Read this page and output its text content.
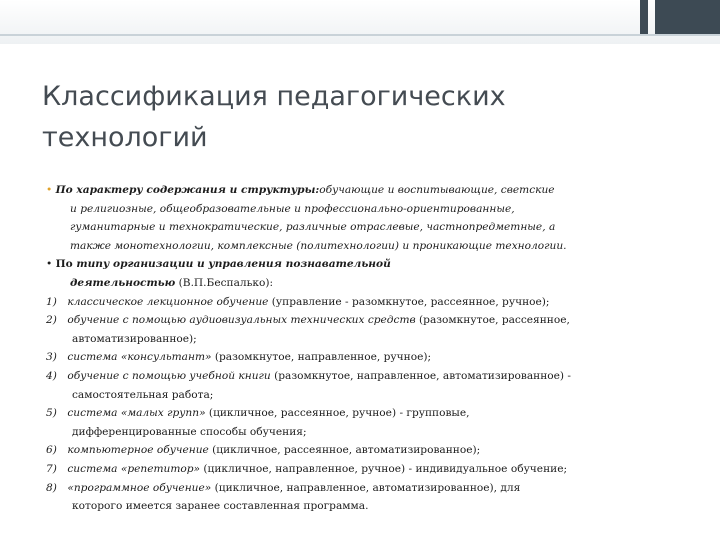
Классификация педагогических
технологий
• По характеру содержания и структуры:обучающие и воспитывающие, светские
и религиозные, общеобразовательные и профессионально-ориентированные,
гуманитарные и технократические, различные отраслевые, частнопредметные, а
также монотехнологии, комплексные (политехнологии) и проникающие технологии.
• По типу организации и управления познавательной
деятельностью (В.П.Беспалько):
1) классическое лекционное обучение (управление - разомкнутое, рассеянное, ручное);
2) обучение с помощью аудиовизуальных технических средств (разомкнутое, рассеянное,
автоматизированное);
3) система «консультант» (разомкнутое, направленное, ручное);
4) обучение с помощью учебной книги (разомкнутое, направленное, автоматизированное) -
самостоятельная работа;
5) система «малых групп» (цикличное, рассеянное, ручное) - групповые,
дифференцированные способы обучения;
6) компьютерное обучение (цикличное, рассеянное, автоматизированное);
7) система «репетитор» (цикличное, направленное, ручное) - индивидуальное обучение;
8) «программное обучение» (цикличное, направленное, автоматизированное), для
которого имеется заранее составленная программа.
